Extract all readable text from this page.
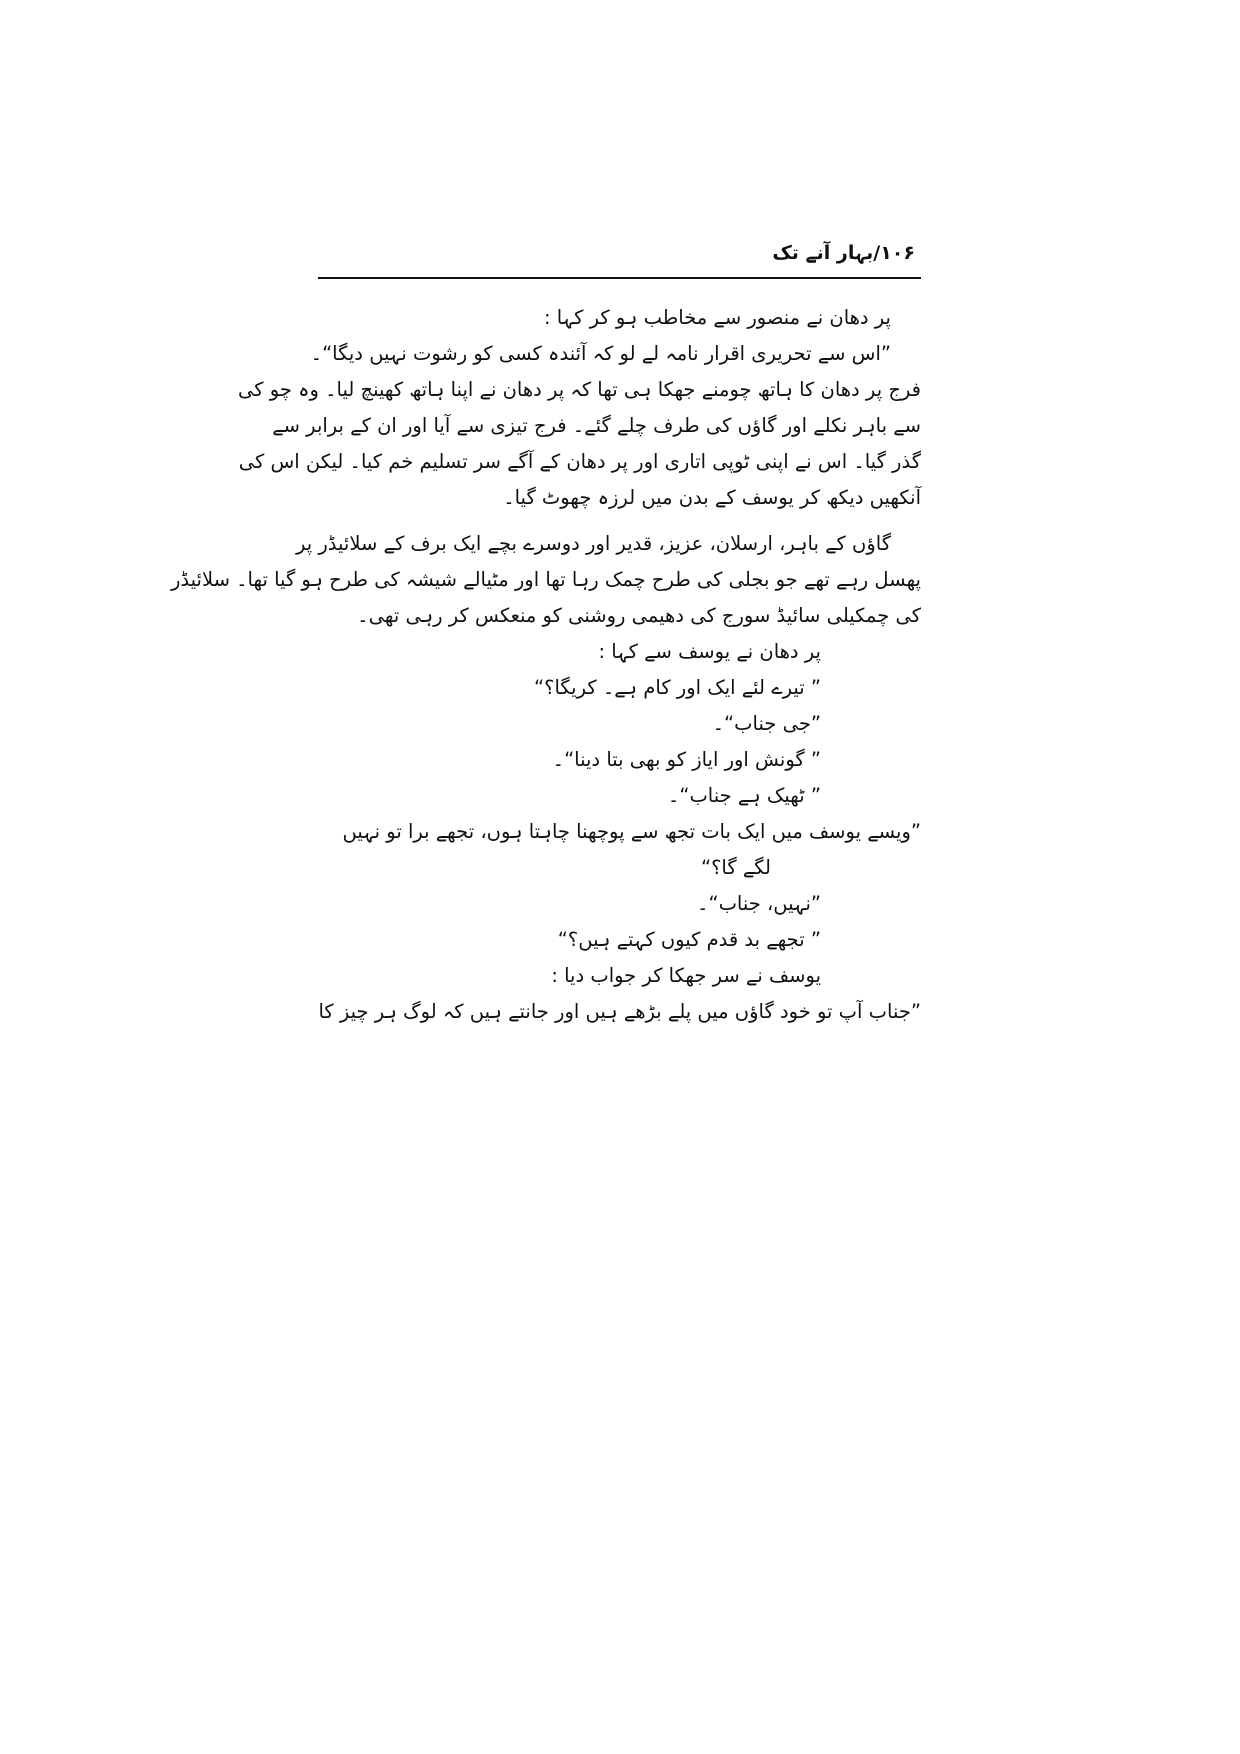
۱۰۶/بہار آنے تک
پر دھان نے منصور سے مخاطب ہو کر کہا :
”اس سے تحریری اقرار نامہ لے لو کہ آئندہ کسی کو رشوت نہیں دیگا“۔
فرج پر دھان کا ہاتھ چومنے جھکا ہی تھا کہ پر دھان نے اپنا ہاتھ کھینچ لیا۔ وہ چو کی
سے باہر نکلے اور گاؤں کی طرف چلے گئے۔ فرج تیزی سے آیا اور ان کے برابر سے
گذر گیا۔ اس نے اپنی ٹوپی اتاری اور پر دھان کے آگے سر تسلیم خم کیا۔ لیکن اس کی
آنکھیں دیکھ کر یوسف کے بدن میں لرزہ چھوٹ گیا۔
گاؤں کے باہر، ارسلان، عزیز، قدیر اور دوسرے بچے ایک برف کے سلائیڈر پر
پھسل رہے تھے جو بجلی کی طرح چمک رہا تھا اور مٹیالے شیشہ کی طرح ہو گیا تھا۔ سلائیڈر
کی چمکیلی سائیڈ سورج کی دھیمی روشنی کو منعکس کر رہی تھی۔
پر دھان نے یوسف سے کہا :
” تیرے لئے ایک اور کام ہے۔ کریگا؟“
”جی جناب“۔
” گونش اور ایاز کو بھی بتا دینا“۔
” ٹھیک ہے جناب“۔
”ویسے یوسف میں ایک بات تجھ سے پوچھنا چاہتا ہوں، تجھے برا تو نہیں
لگے گا؟“
”نہیں، جناب“۔
” تجھے بد قدم کیوں کہتے ہیں؟“
یوسف نے سر جھکا کر جواب دیا :
”جناب آپ تو خود گاؤں میں پلے بڑھے ہیں اور جانتے ہیں کہ لوگ ہر چیز کا
